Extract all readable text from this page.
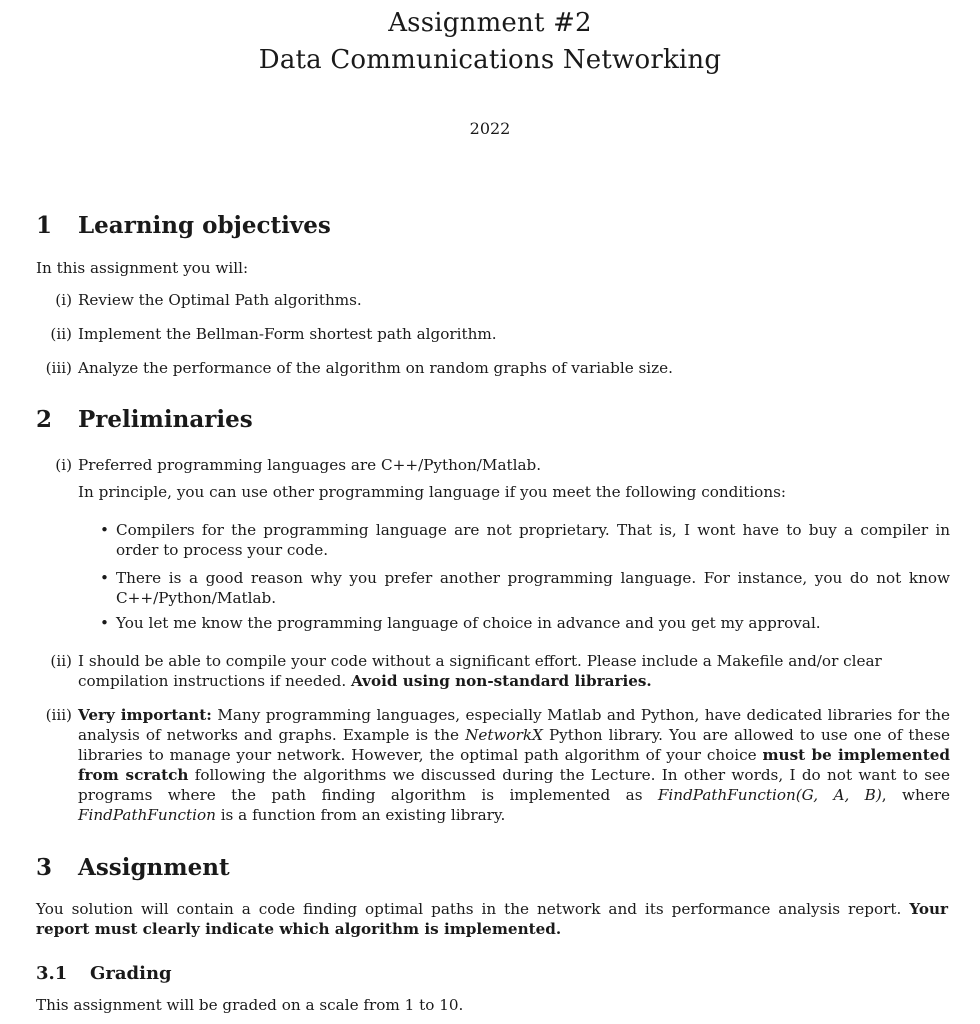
Assignment #2
Data Communications Networking
2022
1 Learning objectives
In this assignment you will:
(i) Review the Optimal Path algorithms.
(ii) Implement the Bellman-Form shortest path algorithm.
(iii) Analyze the performance of the algorithm on random graphs of variable size.
2 Preliminaries
(i) Preferred programming languages are C++/Python/Matlab.
In principle, you can use other programming language if you meet the following conditions:
• Compilers for the programming language are not proprietary. That is, I wont have to buy a compiler in order to process your code.
• There is a good reason why you prefer another programming language. For instance, you do not know C++/Python/Matlab.
• You let me know the programming language of choice in advance and you get my approval.
(ii) I should be able to compile your code without a significant effort. Please include a Makefile and/or clear compilation instructions if needed. Avoid using non-standard libraries.
(iii) Very important: Many programming languages, especially Matlab and Python, have dedicated libraries for the analysis of networks and graphs. Example is the NetworkX Python library. You are allowed to use one of these libraries to manage your network. However, the optimal path algorithm of your choice must be implemented from scratch following the algorithms we discussed during the Lecture. In other words, I do not want to see programs where the path finding algorithm is implemented as FindPathFunction(G, A, B), where FindPathFunction is a function from an existing library.
3 Assignment
You solution will contain a code finding optimal paths in the network and its performance analysis report. Your report must clearly indicate which algorithm is implemented.
3.1 Grading
This assignment will be graded on a scale from 1 to 10.
